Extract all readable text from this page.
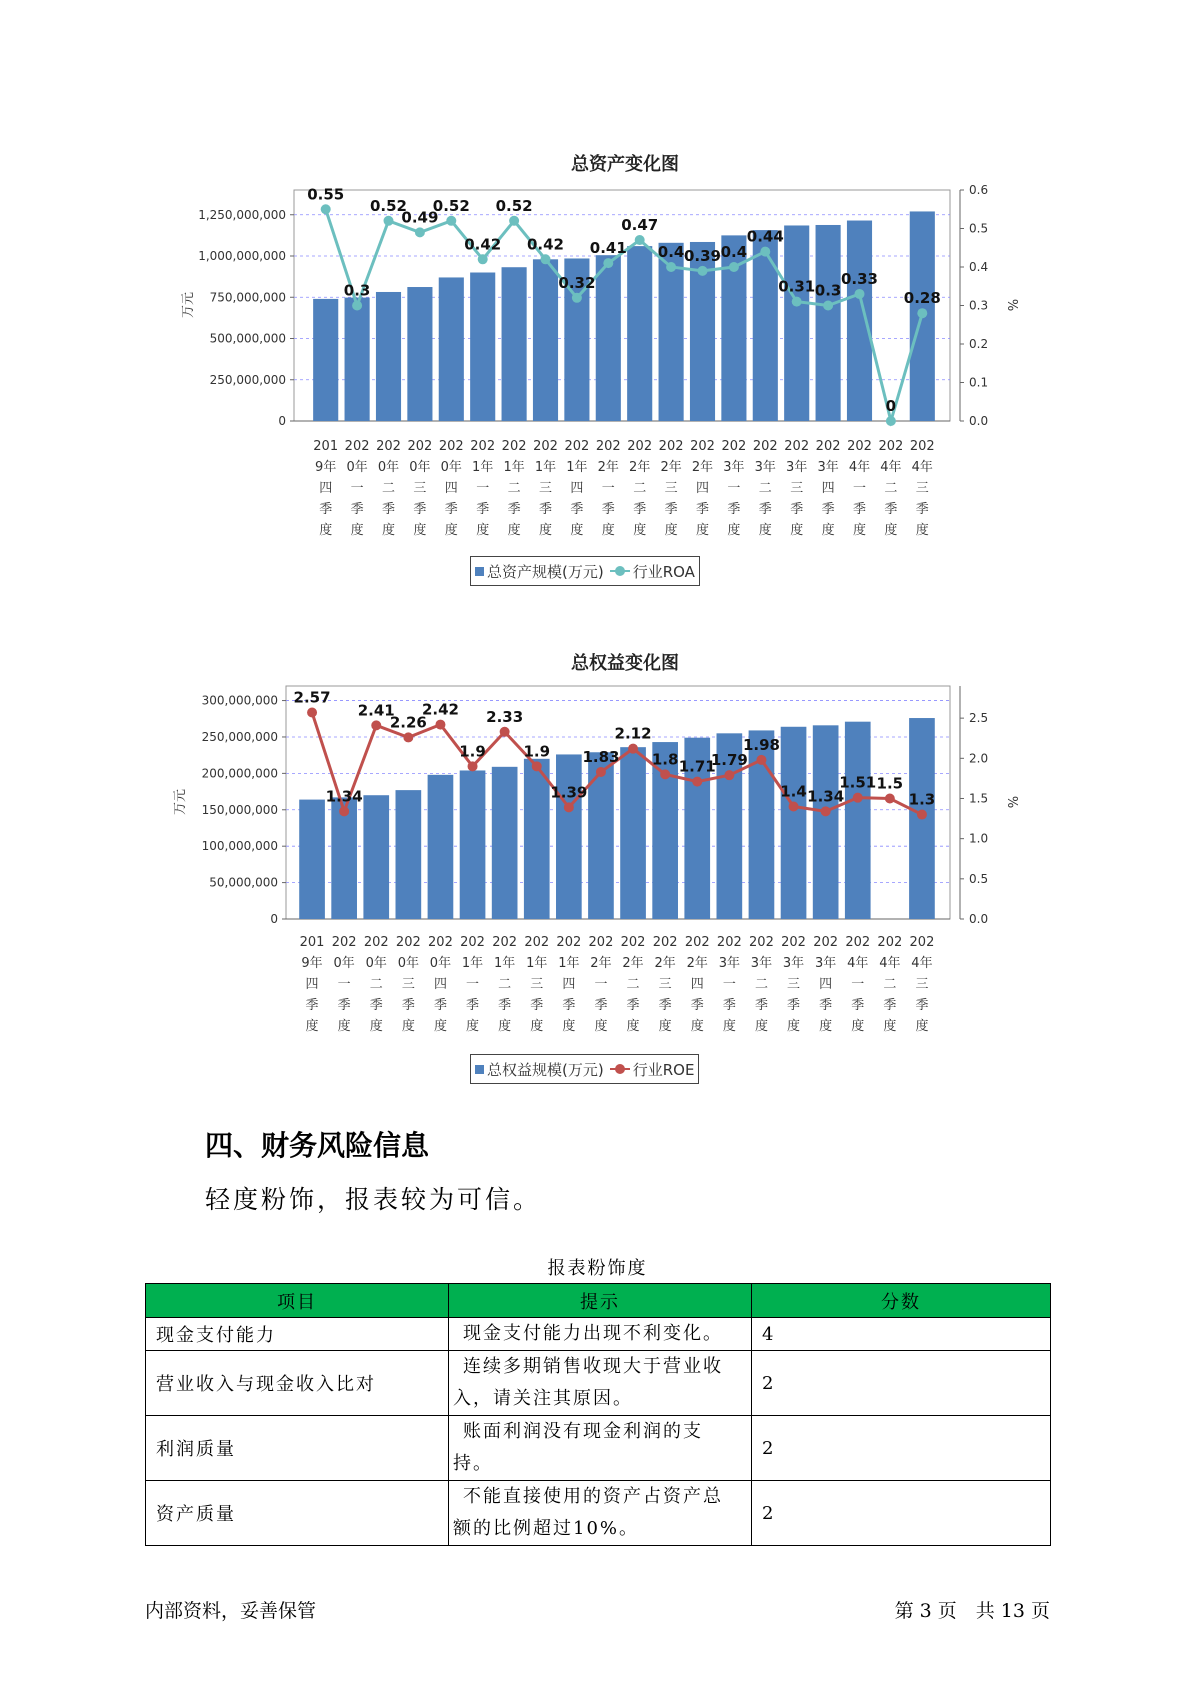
总资产变化图
0
250,000,000
500,000,000
750,000,000
1,000,000,000
1,250,000,000
0.0
0.1
0.2
0.3
0.4
0.5
0.6
万元	%
0.55
0.3
0.52
0.49
0.52
0.42
0.52
0.42
0.32
0.41
0.47
0.4 0.39 0.4
0.44
0.31 0.3
0.33
0
0.28
201 9年四季度
202 0年一季度
202 0年二季度
202 0年三季度
202 0年四季度
202 1年一季度
202 1年二季度
202 1年三季度
202 1年四季度
202 2年一季度
202 2年二季度
202 2年三季度
202 2年四季度
202 3年一季度
202 3年二季度
202 3年三季度
202 3年四季度
202 4年一季度
202 4年二季度
202 4年三季度
总资产规模(万元) 行业ROA
总权益变化图
0
50,000,000
100,000,000
150,000,000
200,000,000
250,000,000
300,000,000
0.0
0.5
1.0
1.5
2.0
2.5
万元	%
2.57
1.34
2.41
2.26
2.42
1.9
2.33
1.9
1.39
1.83
2.12
1.8 1.71
1.79
1.98
1.4 1.34
1.51 1.5
1.3
201 9年四季度
202 0年一季度
202 0年二季度
202 0年三季度
202 0年四季度
202 1年一季度
202 1年二季度
202 1年三季度
202 1年四季度
202 2年一季度
202 2年二季度
202 2年三季度
202 2年四季度
202 3年一季度
202 3年二季度
202 3年三季度
202 3年四季度
202 4年一季度
202 4年二季度
202 4年三季度
总权益规模(万元) 行业ROE
四、财务风险信息
轻度粉饰，报表较为可信。
报表粉饰度
项目	提示	分数
现金支付能力	现金支付能力出现不利变化。	4
营业收入与现金收入比对	连续多期销售收现大于营业收入，请关注其原因。	2
利润质量	账面利润没有现金利润的支持。	2
资产质量	不能直接使用的资产占资产总额的比例超过10%。	2
内部资料，妥善保管	第 3 页　共 13 页
